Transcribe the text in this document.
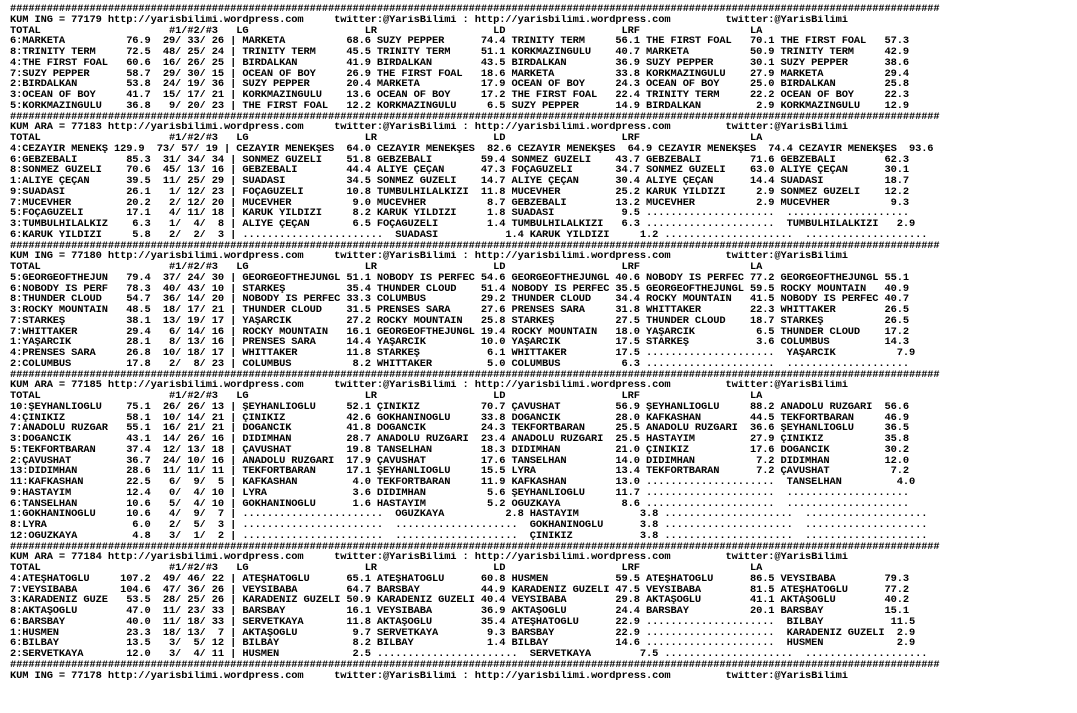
########################################################################################################################################################
KUM ING = 77179 http://yarisbilimi.wordpress.com     twitter:@YarisBilimi : http://yarisbilimi.wordpress.com         twitter:@YarisBilimi
TOTAL                     #1/#2/#3   LG                   LR                   LD                   LRF                  LA
6:MARKETA          76.9  29/ 33/ 26 | MARKETA          68.6 SUZY PEPPER      74.4 TRINITY TERM     56.1 THE FIRST FOAL   70.1 THE FIRST FOAL   57.3
8:TRINITY TERM     72.5  48/ 25/ 24 | TRINITY TERM     45.5 TRINITY TERM     51.1 KORKMAZINGÜLÜ    40.7 MARKETA          50.9 TRINITY TERM     42.9
4:THE FIRST FOAL   60.6  16/ 26/ 25 | BIRDALKAN        41.9 BIRDALKAN        43.5 BIRDALKAN        36.9 SUZY PEPPER      30.1 SUZY PEPPER      38.6
7:SUZY PEPPER      58.7  29/ 30/ 15 | OCEAN OF BOY     26.9 THE FIRST FOAL   18.6 MARKETA          33.8 KORKMAZINGÜLÜ    27.9 MARKETA          29.4
2:BIRDALKAN        53.8  24/ 19/ 36 | SUZY PEPPER      20.4 MARKETA          17.9 OCEAN OF BOY     24.3 OCEAN OF BOY     25.0 BIRDALKAN        25.8
3:OCEAN OF BOY     41.7  15/ 17/ 21 | KORKMAZINGÜLÜ    13.6 OCEAN OF BOY     17.2 THE FIRST FOAL   22.4 TRINITY TERM     22.2 OCEAN OF BOY     22.3
5:KORKMAZINGÜLÜ    36.8   9/ 20/ 23 | THE FIRST FOAL   12.2 KORKMAZINGÜLÜ     6.5 SUZY PEPPER      14.9 BIRDALKAN         2.9 KORKMAZINGÜLÜ    12.9
########################################################################################################################################################
KUM ARA = 77183 http://yarisbilimi.wordpress.com     twitter:@YarisBilimi : http://yarisbilimi.wordpress.com         twitter:@YarisBilimi
TOTAL                     #1/#2/#3   LG                   LR                   LD                   LRF                  LA
4:CEZAYİR MENEKŞ 129.9  73/ 57/ 19 | CEZAYİR MENEKŞES  64.0 CEZAYİR MENEKŞES  82.6 CEZAYİR MENEKŞES  64.9 CEZAYİR MENEKŞES  74.4 CEZAYİR MENEKŞES  93.6
6:GEBZEBALI        85.3  31/ 34/ 34 | SÖNMEZ GÜZELİ    51.8 GEBZEBALI        59.4 SÖNMEZ GÜZELİ    43.7 GEBZEBALI        71.6 GEBZEBALI        62.3
8:SÖNMEZ GÜZELİ    70.6  45/ 13/ 16 | GEBZEBALI        44.4 ALİYE ÇEÇAN      47.3 FOÇAGÜZELİ       34.7 SÖNMEZ GÜZELİ    63.0 ALİYE ÇEÇAN      30.1
1:ALİYE ÇEÇAN      39.5  11/ 25/ 29 | SUADASI          34.5 SÖNMEZ GÜZELİ    14.7 ALİYE ÇEÇAN      30.4 ALİYE ÇEÇAN      14.4 SUADASI          18.7
9:SUADASI          26.1   1/ 12/ 23 | FOÇAGÜZELİ       10.8 TUMBULHİLALKIZI  11.8 MÜCEVHER         25.2 KARUK YILDIZI     2.9 SÖNMEZ GÜZELİ    12.2
7:MÜCEVHER         20.2   2/ 12/ 20 | MÜCEVHER          9.0 MÜCEVHER          8.7 GEBZEBALI        13.2 MÜCEVHER          2.9 MÜCEVHER          9.3
5:FOÇAGÜZELİ       17.1   4/ 11/ 18 | KARUK YILDIZI     8.2 KARUK YILDIZI     1.8 SUADASI           9.5 .....................  ....................
3:TUMBULHİLALKIZ    6.3   1/  4/  8 | ALİYE ÇEÇAN       6.5 FOÇAGÜZELİ        1.4 TUMBULHİLALKIZI   6.3 .....................  TUMBULHİLALKIZI   2.9
6:KARUK YILDIZI     5.8   2/  2/  3 | .......................  SUADASI           1.4 KARUK YILDIZI     1.2 .....................  ....................
########################################################################################################################################################
KUM ING = 77180 http://yarisbilimi.wordpress.com     twitter:@YarisBilimi : http://yarisbilimi.wordpress.com         twitter:@YarisBilimi
TOTAL                     #1/#2/#3   LG                   LR                   LD                   LRF                  LA
5:GEORGEOFTHEJUN   79.4  37/ 24/ 30 | GEORGEOFTHEJUNGL 51.1 NOBODY IS PERFEC 54.6 GEORGEOFTHEJUNGL 40.6 NOBODY IS PERFEC 77.2 GEORGEOFTHEJUNGL 55.1
6:NOBODY IS PERF   78.3  40/ 43/ 10 | STARKEŞ          35.4 THUNDER CLOUD    51.4 NOBODY IS PERFEC 35.5 GEORGEOFTHEJUNGL 59.5 ROCKY MOUNTAIN   40.9
8:THUNDER CLOUD    54.7  36/ 14/ 20 | NOBODY IS PERFEC 33.3 COLUMBUS         29.2 THUNDER CLOUD    34.4 ROCKY MOUNTAIN   41.5 NOBODY IS PERFEC 40.7
3:ROCKY MOUNTAIN   48.5  18/ 17/ 21 | THUNDER CLOUD    31.5 PRENSES SARA     27.6 PRENSES SARA     31.8 WHITTAKER        22.3 WHITTAKER        26.5
7:STARKEŞ          38.1  13/ 19/ 17 | YAŞARCIK         27.2 ROCKY MOUNTAIN   25.8 STARKEŞ          27.5 THUNDER CLOUD    18.7 STARKEŞ          26.5
7:WHITTAKER        29.4   6/ 14/ 16 | ROCKY MOUNTAIN   16.1 GEORGEOFTHEJUNGL 19.4 ROCKY MOUNTAIN   18.0 YAŞARCIK          6.5 THUNDER CLOUD    17.2
1:YAŞARCIK         28.1   8/ 13/ 16 | PRENSES SARA     14.4 YAŞARCIK         10.0 YAŞARCIK         17.5 STARKEŞ           3.6 COLUMBUS         14.3
4:PRENSES SARA     26.8  10/ 18/ 17 | WHITTAKER        11.8 STARKEŞ           6.1 WHITTAKER        17.5 .....................  YAŞARCIK          7.9
2:COLUMBUS         17.8   2/  8/ 23 | COLUMBUS          8.2 WHITTAKER         5.0 COLUMBUS          6.3 .....................  ....................
########################################################################################################################################################
KUM ARA = 77185 http://yarisbilimi.wordpress.com     twitter:@YarisBilimi : http://yarisbilimi.wordpress.com         twitter:@YarisBilimi
TOTAL                     #1/#2/#3   LG                   LR                   LD                   LRF                  LA
10:ŞEYHANLIOĞLU    75.1  26/ 26/ 13 | ŞEYHANLIOĞLU     52.1 ÇİNİKIZ          70.7 ÇAVUSHAT         56.9 ŞEYHANLIOĞLU     88.2 ANADOLU RÜZGARI  56.6
4:ÇİNİKIZ          58.1  10/ 14/ 21 | ÇİNİKIZ          42.6 GÖKHANINOĞLU     33.8 DOĞANCIK         28.0 KAFKASHAN        44.5 TEKFORTBARAN     46.9
7:ANADOLU RÜZGAR   55.1  16/ 21/ 21 | DOĞANCIK         41.8 DOĞANCIK         24.3 TEKFORTBARAN     25.5 ANADOLU RÜZGARI  36.6 ŞEYHANLIOĞLU     36.5
3:DOĞANCIK         43.1  14/ 26/ 16 | DİDİMHAN         28.7 ANADOLU RÜZGARI  23.4 ANADOLU RÜZGARI  25.5 HASTAYIM         27.9 ÇİNİKIZ          35.8
5:TEKFORTBARAN     37.4  12/ 13/ 18 | ÇAVUSHAT         19.8 TANSELHAN        18.3 DİDİMHAN         21.0 ÇİNİKIZ          17.6 DOĞANCIK         30.2
2:ÇAVUSHAT         36.7  24/ 10/ 16 | ANADOLU RÜZGARI  17.9 ÇAVUSHAT         17.6 TANSELHAN        14.0 DİDİMHAN          7.2 DİDİMHAN         12.0
13:DİDİMHAN        28.6  11/ 11/ 11 | TEKFORTBARAN     17.1 ŞEYHANLIOĞLU     15.5 LYRA             13.4 TEKFORTBARAN      7.2 ÇAVUSHAT          7.2
11:KAFKASHAN       22.5   6/  9/  5 | KAFKASHAN         4.0 TEKFORTBARAN     11.9 KAFKASHAN        13.0 .....................  TANSELHAN         4.0
9:HASTAYIM         12.4   0/  4/ 10 | LYRA              3.6 DİDİMHAN          5.6 ŞEYHANLIOĞLU     11.7 .....................  ....................
6:TANSELHAN        10.6   5/  4/ 10 | GÖKHANINOĞLU      1.6 HASTAYIM          5.2 OĞUZKAYA          8.6 .....................  ....................
1:GÖKHANINOĞLU     10.6   4/  9/  7 | .......................  OĞUZKAYA          2.8 HASTAYIM          3.8 .....................  ....................
8:LYRA              6.0   2/  5/  3 | .......................  ....................  GÖKHANINOĞLU      3.8 .....................  ....................
12:OĞUZKAYA         4.8   3/  1/  2 | .......................  ....................  ÇİNİKIZ           3.8 .....................  ....................
########################################################################################################################################################
KUM ARA = 77184 http://yarisbilimi.wordpress.com     twitter:@YarisBilimi : http://yarisbilimi.wordpress.com         twitter:@YarisBilimi
TOTAL                     #1/#2/#3   LG                   LR                   LD                   LRF                  LA
4:ATEŞHATOĞLU     107.2  49/ 46/ 22 | ATEŞHATOĞLU      65.1 ATEŞHATOĞLU      60.8 HÜSMEN           59.5 ATEŞHATOĞLU      86.5 VEYSİBABA        79.3
7:VEYSİBABA       104.6  47/ 36/ 26 | VEYSİBABA        64.7 BARSBAY          44.9 KARADENİZ GÜZELİ 47.5 VEYSİBABA        81.5 ATEŞHATOĞLU      77.2
3:KARADENİZ GÜZE   53.5  28/ 25/ 26 | KARADENİZ GÜZELİ 50.9 KARADENİZ GÜZELİ 40.4 VEYSİBABA        29.8 AKTAŞOĞLU        41.1 AKTAŞOĞLU        40.2
8:AKTAŞOĞLU        47.0  11/ 23/ 33 | BARSBAY          16.1 VEYSİBABA        36.9 AKTAŞOĞLU        24.4 BARSBAY          20.1 BARSBAY          15.1
6:BARSBAY          40.0  11/ 18/ 33 | SERVETKAYA       11.8 AKTAŞOĞLU        35.4 ATEŞHATOĞLU      22.9 .....................  BİLBAY           11.5
1:HÜSMEN           23.3  18/ 13/  7 | AKTAŞOĞLU         9.7 SERVETKAYA        9.3 BARSBAY          22.9 .....................  KARADENİZ GÜZELİ  2.9
6:BİLBAY           13.5   3/  5/ 12 | BİLBAY            8.2 BİLBAY            1.4 BİLBAY           14.6 .....................  HÜSMEN            2.9
2:SERVETKAYA       12.0   3/  4/ 11 | HÜSMEN            2.5 .......................  SERVETKAYA        7.5 .....................  ....................
########################################################################################################################################################
KUM ING = 77178 http://yarisbilimi.wordpress.com     twitter:@YarisBilimi : http://yarisbilimi.wordpress.com         twitter:@YarisBilimi
